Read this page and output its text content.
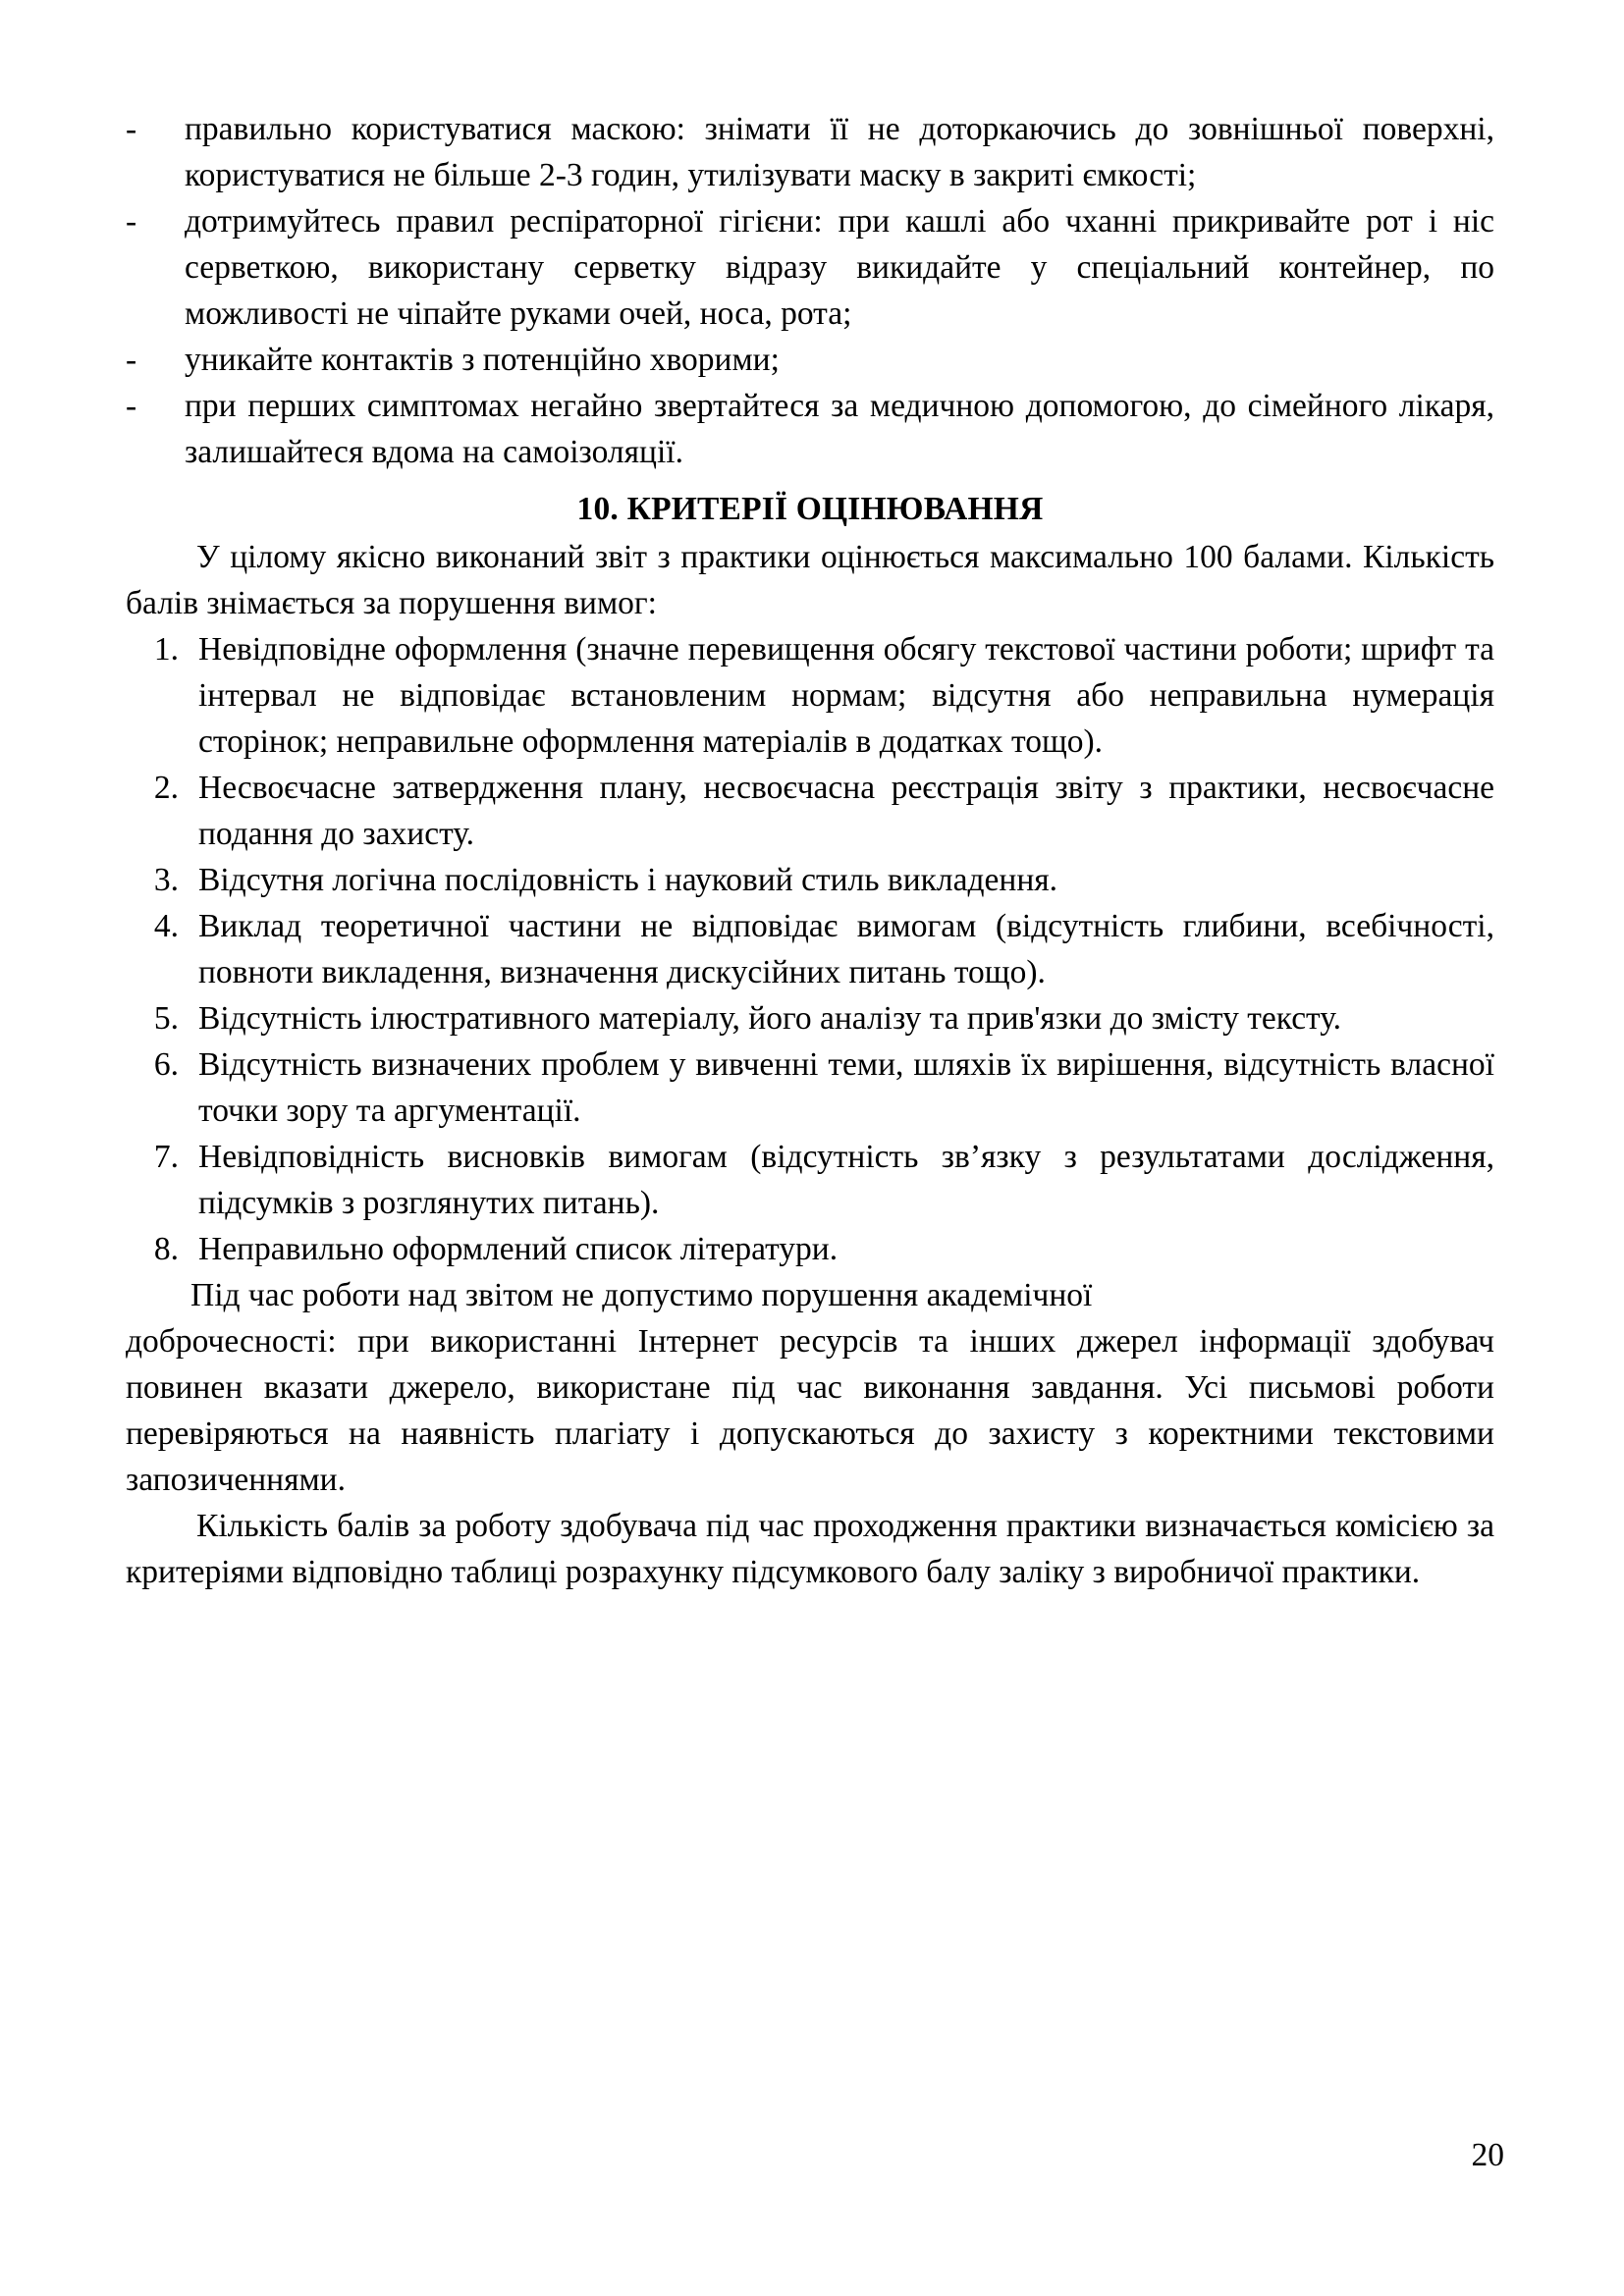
-	правильно користуватися маскою: знімати її не доторкаючись до зовнішньої поверхні, користуватися не більше 2-3 годин, утилізувати маску в закриті ємкості;
-	дотримуйтесь правил респіраторної гігієни: при кашлі або чханні прикривайте рот і ніс серветкою, використану серветку відразу викидайте у спеціальний контейнер, по можливості не чіпайте руками очей, носа, рота;
-	уникайте контактів з потенційно хворими;
-	при перших симптомах негайно звертайтеся за медичною допомогою, до сімейного лікаря, залишайтеся вдома на самоізоляції.
10. КРИТЕРІЇ ОЦІНЮВАННЯ

У цілому якісно виконаний звіт з практики оцінюється максимально 100 балами. Кількість балів знімається за порушення вимог:

1. Невідповідне оформлення (значне перевищення обсягу текстової частини роботи; шрифт та інтервал не відповідає встановленим нормам; відсутня або неправильна нумерація сторінок; неправильне оформлення матеріалів в додатках тощо).
2. Несвоєчасне затвердження плану, несвоєчасна реєстрація звіту з практики, несвоєчасне подання до захисту.
3. Відсутня логічна послідовність і науковий стиль викладення.
4. Виклад теоретичної частини не відповідає вимогам (відсутність глибини, всебічності, повноти викладення, визначення дискусійних питань тощо).
5. Відсутність ілюстративного матеріалу, його аналізу та прив'язки до змісту тексту.
6. Відсутність визначених проблем у вивченні теми, шляхів їх вирішення, відсутність власної точки зору та аргументації.
7. Невідповідність висновків вимогам (відсутність зв’язку з результатами дослідження, підсумків з розглянутих питань).
8. Неправильно оформлений список літератури.

Під час роботи над звітом не допустимо порушення академічної

доброчесності: при використанні Інтернет ресурсів та інших джерел інформації здобувач повинен вказати джерело, використане під час виконання завдання. Усі письмові роботи перевіряються на наявність плагіату і допускаються до захисту з коректними текстовими запозиченнями.

Кількість балів за роботу здобувача під час проходження практики визначається комісією за критеріями відповідно таблиці розрахунку підсумкового балу заліку з виробничої практики.

20
